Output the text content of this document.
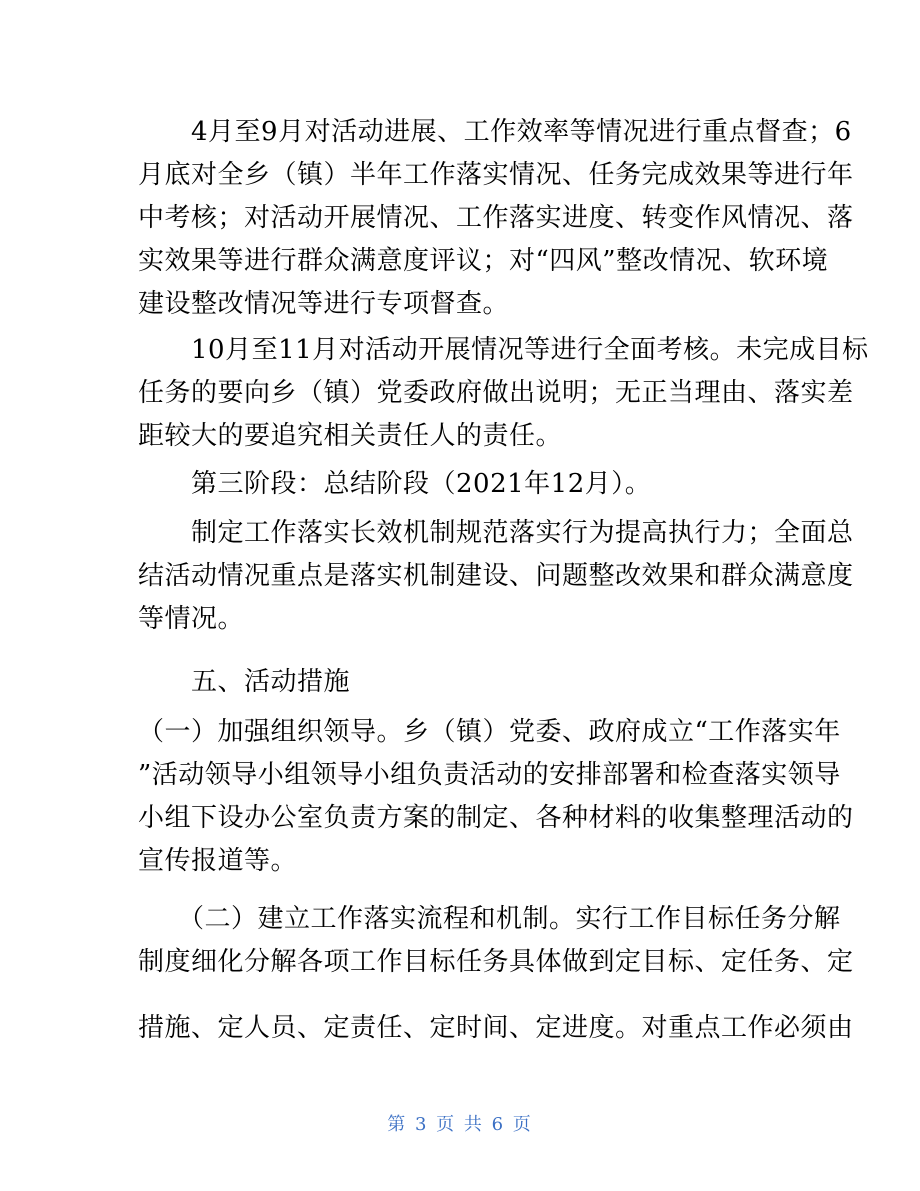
　　4月至9月对活动进展、工作效率等情况进行重点督查；6
月底对全乡（镇）半年工作落实情况、任务完成效果等进行年
中考核；对活动开展情况、工作落实进度、转变作风情况、落
实效果等进行群众满意度评议；对“四风”整改情况、软环境
建设整改情况等进行专项督查。
　　10月至11月对活动开展情况等进行全面考核。未完成目标
任务的要向乡（镇）党委政府做出说明；无正当理由、落实差
距较大的要追究相关责任人的责任。
　　第三阶段：总结阶段（2021年12月）。
　　制定工作落实长效机制规范落实行为提高执行力；全面总
结活动情况重点是落实机制建设、问题整改效果和群众满意度
等情况。
　　五、活动措施
（一）加强组织领导。乡（镇）党委、政府成立“工作落实年
”活动领导小组领导小组负责活动的安排部署和检查落实领导
小组下设办公室负责方案的制定、各种材料的收集整理活动的
宣传报道等。
　　（二）建立工作落实流程和机制。实行工作目标任务分解
制度细化分解各项工作目标任务具体做到定目标、定任务、定
措施、定人员、定责任、定时间、定进度。对重点工作必须由
第 3 页 共 6 页
